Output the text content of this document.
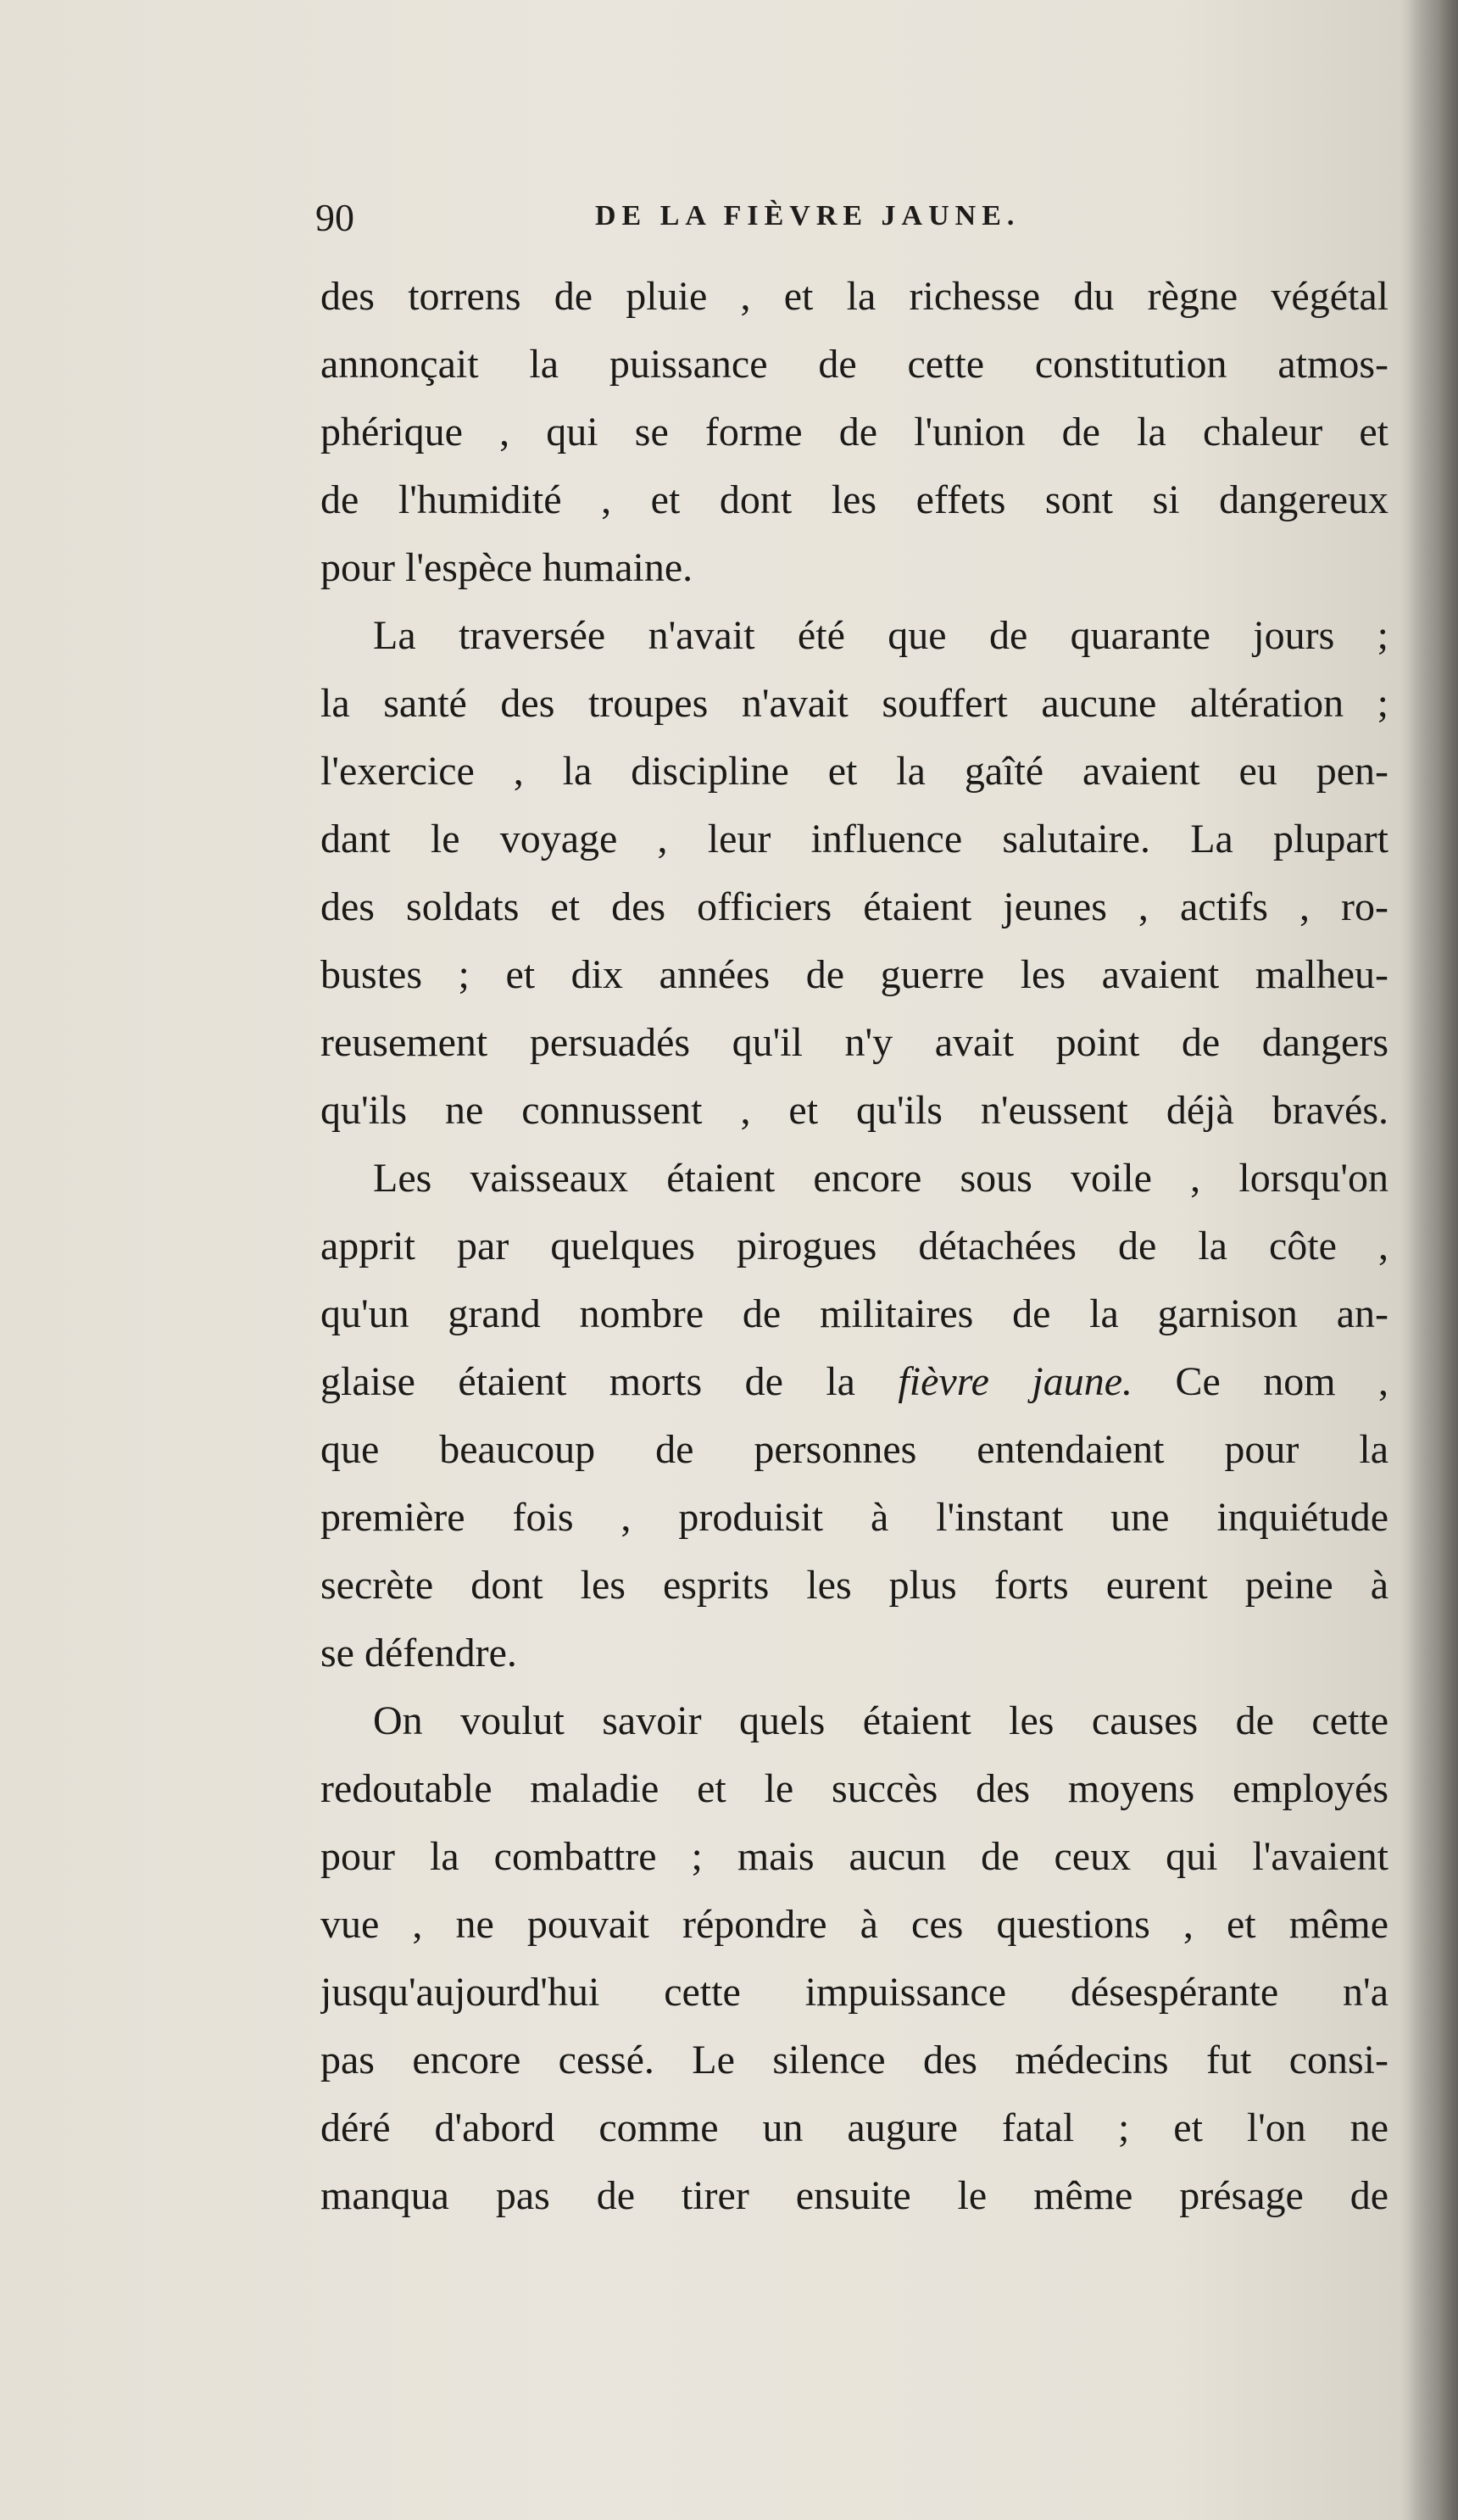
90	DE LA FIÈVRE JAUNE.
des torrens de pluie , et la richesse du règne végétal
annonçait la puissance de cette constitution atmos-
phérique , qui se forme de l'union de la chaleur et
de l'humidité , et dont les effets sont si dangereux
pour l'espèce humaine.
La traversée n'avait été que de quarante jours ;
la santé des troupes n'avait souffert aucune altération ;
l'exercice , la discipline et la gaîté avaient eu pen-
dant le voyage , leur influence salutaire. La plupart
des soldats et des officiers étaient jeunes , actifs , ro-
bustes ; et dix années de guerre les avaient malheu-
reusement persuadés qu'il n'y avait point de dangers
qu'ils ne connussent , et qu'ils n'eussent déjà bravés.
Les vaisseaux étaient encore sous voile , lorsqu'on
apprit par quelques pirogues détachées de la côte ,
qu'un grand nombre de militaires de la garnison an-
glaise étaient morts de la fièvre jaune. Ce nom ,
que beaucoup de personnes entendaient pour la
première fois , produisit à l'instant une inquiétude
secrète dont les esprits les plus forts eurent peine à
se défendre.
On voulut savoir quels étaient les causes de cette
redoutable maladie et le succès des moyens employés
pour la combattre ; mais aucun de ceux qui l'avaient
vue , ne pouvait répondre à ces questions , et même
jusqu'aujourd'hui cette impuissance désespérante n'a
pas encore cessé. Le silence des médecins fut consi-
déré d'abord comme un augure fatal ; et l'on ne
manqua pas de tirer ensuite le même présage de
